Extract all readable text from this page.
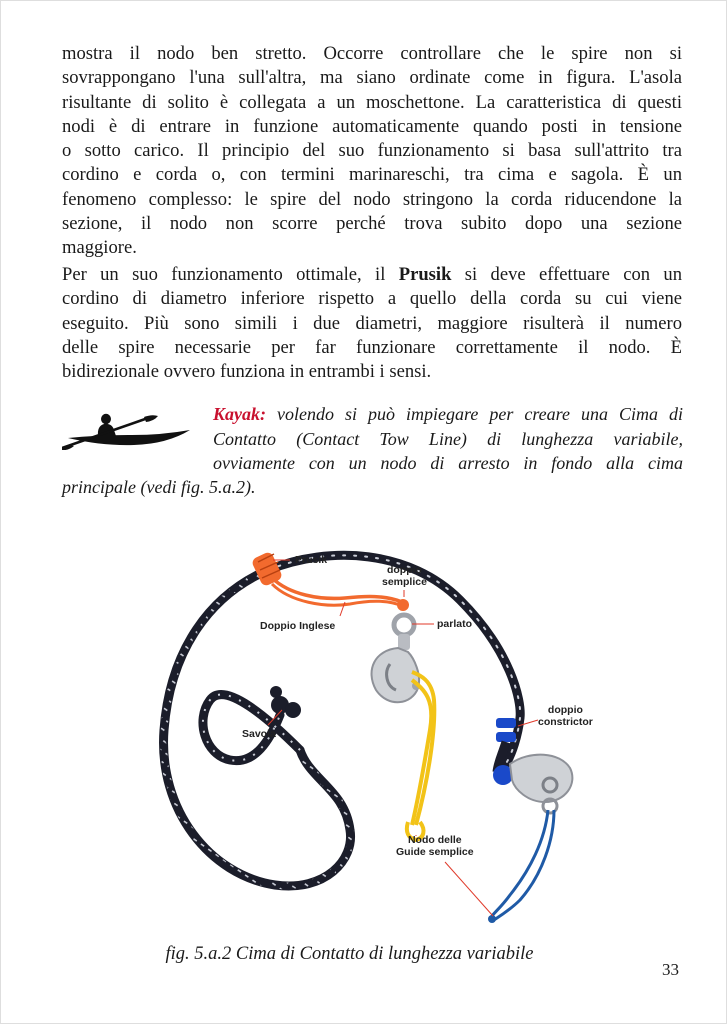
mostra il nodo ben stretto. Occorre controllare che le spire non si
sovrappongano l'una sull'altra, ma siano ordinate come in figura. L'asola
risultante di solito è collegata a un moschettone. La caratteristica di questi
nodi è di entrare in funzione automaticamente quando posti in tensione
o sotto carico. Il principio del suo funzionamento si basa sull'attrito tra
cordino e corda o, con termini marinareschi, tra cima e sagola. È un
fenomeno complesso: le spire del nodo stringono la corda riducendone la
sezione, il nodo non scorre perché trova subito dopo una sezione
maggiore.
Per un suo funzionamento ottimale, il Prusik si deve effettuare con un
cordino di diametro inferiore rispetto a quello della corda su cui viene
eseguito. Più sono simili i due diametri, maggiore risulterà il numero
delle spire necessarie per far funzionare correttamente il nodo. È
bidirezionale ovvero funziona in entrambi i sensi.
Kayak: volendo si può impiegare per creare una Cima di
Contatto (Contact Tow Line) di lunghezza variabile,
ovviamente con un nodo di arresto in fondo alla cima
principale (vedi fig. 5.a.2).
Prusik
doppio
semplice
Doppio Inglese	parlato
Savoia
doppio
constrictor
Nodo delle
Guide semplice
fig. 5.a.2 Cima di Contatto di lunghezza variabile
33
